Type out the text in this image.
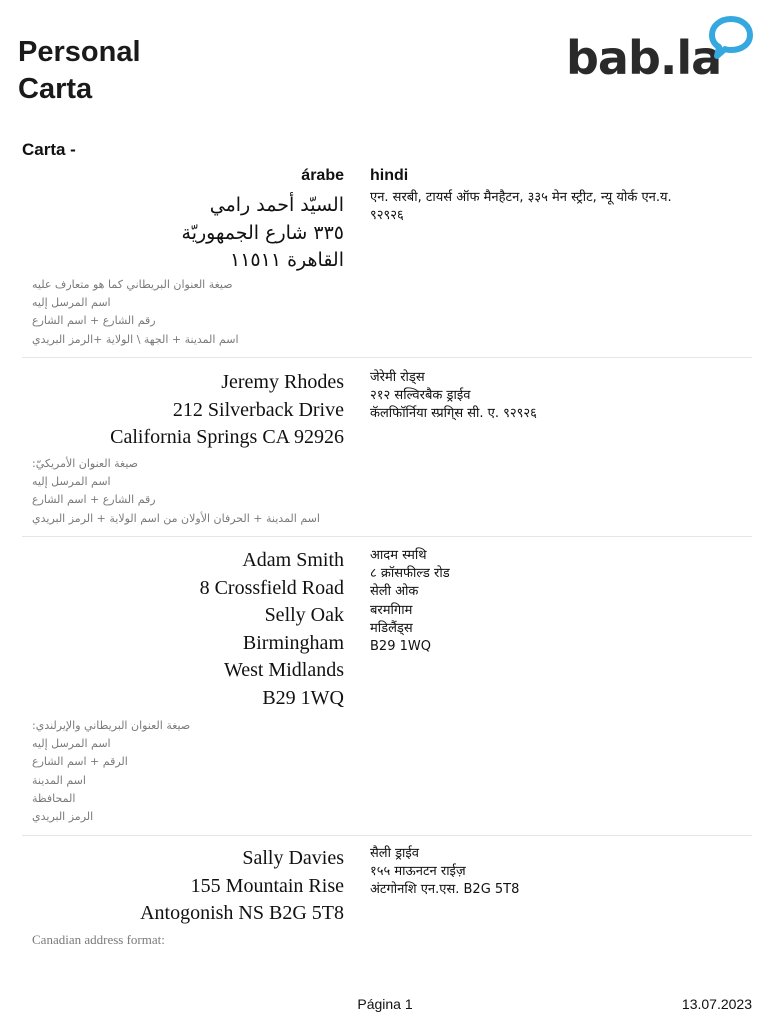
Personal
Carta
bab.la
Carta -
árabe hindi
السيّد أحمد رامي
٣٣٥ شارع الجمهوريّة
القاهرة ١١٥١١
एन. सरबी, टायर्स ऑफ मैनहैटन, ३३५ मेन स्ट्रीट, न्यू योर्क एन.य.
९२९२६
صيغة العنوان البريطاني كما هو متعارف عليه
اسم المرسل إليه
رقم الشارع + اسم الشارع
اسم المدينة + الجهة \ الولاية +الرمز البريدي
Jeremy Rhodes
212 Silverback Drive
California Springs CA 92926
जेरेमी रोड्स
२१२ सल्विरबैक ड्राईव
कॅलफिॉर्निया स्प्रगि्स सी. ए. ९२९२६
صيغة العنوان الأمريكيّ:
اسم المرسل إليه
رقم الشارع + اسم الشارع
اسم المدينة + الحرفان الأولان من اسم الولاية + الرمز البريدي
Adam Smith
8 Crossfield Road
Selly Oak
Birmingham
West Midlands
B29 1WQ
आदम स्मथि
८ क्रॉसफील्ड रोड
सेली ओक
बरमगिाम
मडिलैंड्स
B29 1WQ
صيغة العنوان البريطاني والإيرلندي:
اسم المرسل إليه
الرقم + اسم الشارع
اسم المدينة
المحافظة
الرمز البريدي
Sally Davies
155 Mountain Rise
Antogonish NS B2G 5T8
सैली ड्राईव
१५५ माऊनटन राईज़
अंटगोनशि एन.एस. B2G 5T8
Canadian address format:
Página 1	13.07.2023
